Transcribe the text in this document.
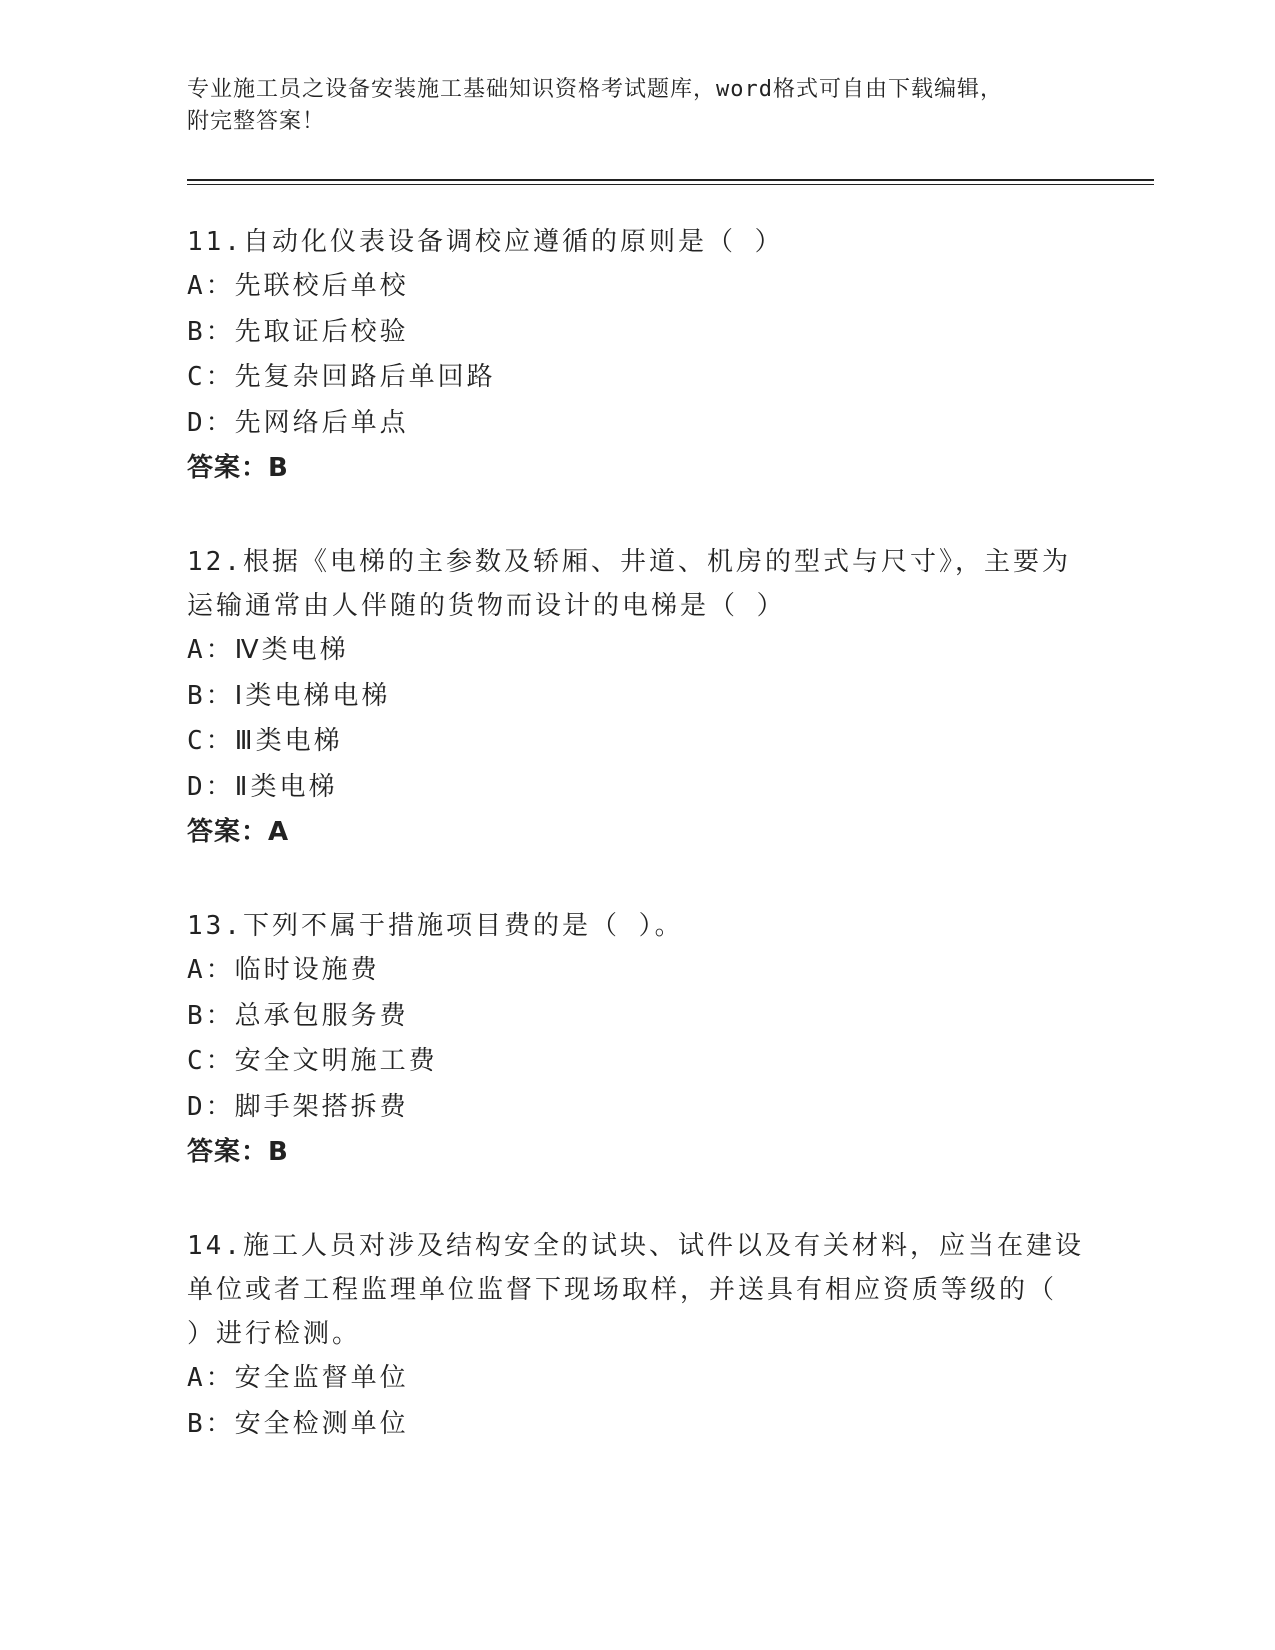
专业施工员之设备安装施工基础知识资格考试题库，word格式可自由下载编辑，
附完整答案！
11.自动化仪表设备调校应遵循的原则是（ ）
A：先联校后单校
B：先取证后校验
C：先复杂回路后单回路
D：先网络后单点
答案：B
12.根据《电梯的主参数及轿厢、井道、机房的型式与尺寸》，主要为
运输通常由人伴随的货物而设计的电梯是（ ）
A：Ⅳ类电梯
B：Ⅰ类电梯电梯
C：Ⅲ类电梯
D：Ⅱ类电梯
答案：A
13.下列不属于措施项目费的是（ ）。
A：临时设施费
B：总承包服务费
C：安全文明施工费
D：脚手架搭拆费
答案：B
14.施工人员对涉及结构安全的试块、试件以及有关材料，应当在建设
单位或者工程监理单位监督下现场取样，并送具有相应资质等级的（
）进行检测。
A：安全监督单位
B：安全检测单位
